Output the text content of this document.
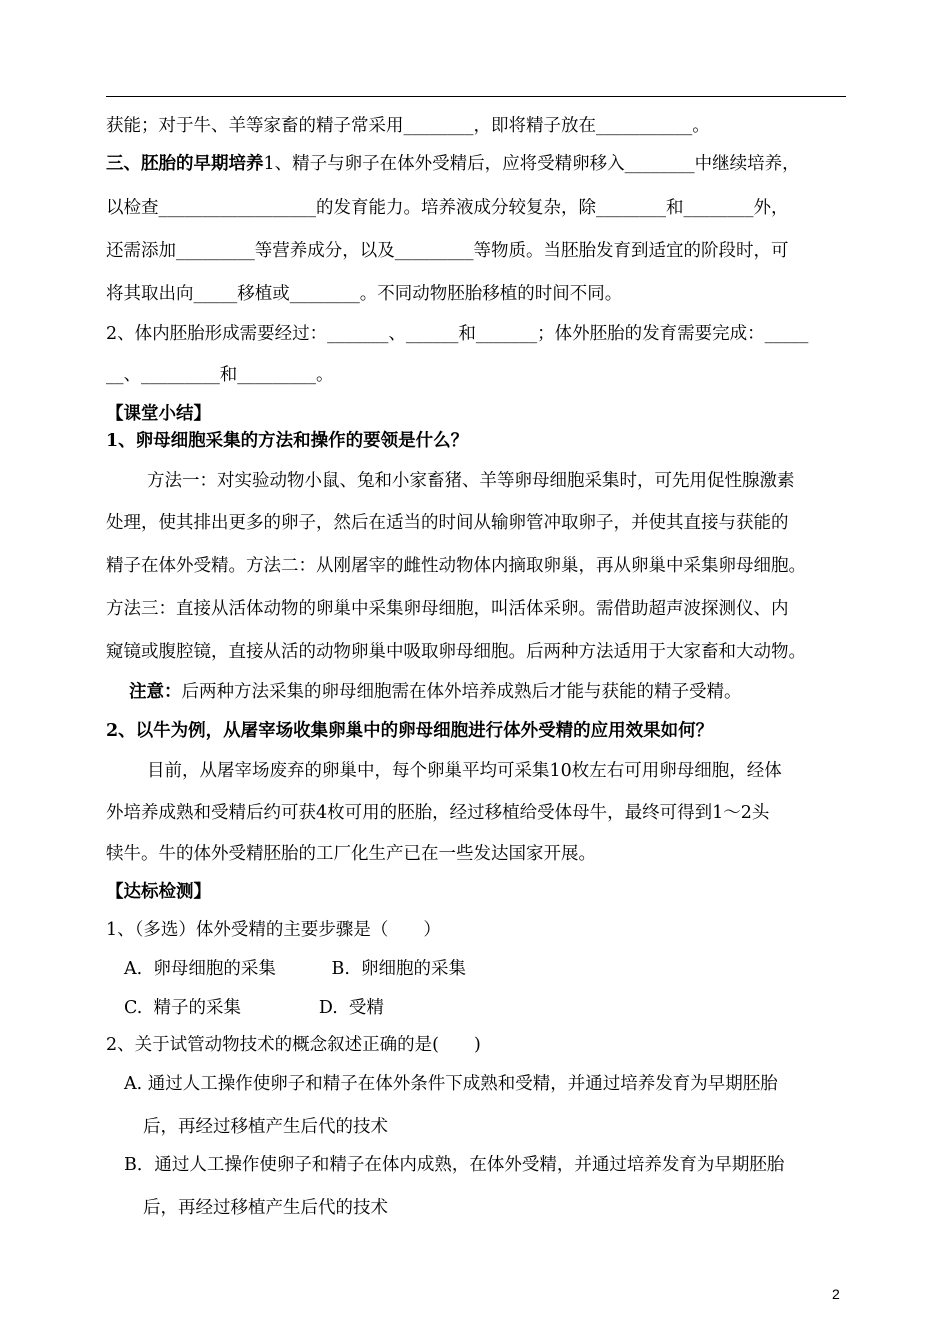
获能；对于牛、羊等家畜的精子常采用________，即将精子放在___________。
三、胚胎的早期培养1、精子与卵子在体外受精后，应将受精卵移入________中继续培养，
以检查__________________的发育能力。培养液成分较复杂，除________和________外，
还需添加_________等营养成分，以及_________等物质。当胚胎发育到适宜的阶段时，可
将其取出向_____移植或________。不同动物胚胎移植的时间不同。
2、体内胚胎形成需要经过：_______、______和_______；体外胚胎的发育需要完成：_____
__、_________和_________。
【课堂小结】
1、卵母细胞采集的方法和操作的要领是什么？
方法一：对实验动物小鼠、兔和小家畜猪、羊等卵母细胞采集时，可先用促性腺激素
处理，使其排出更多的卵子，然后在适当的时间从输卵管冲取卵子，并使其直接与获能的
精子在体外受精。方法二：从刚屠宰的雌性动物体内摘取卵巢，再从卵巢中采集卵母细胞。
方法三：直接从活体动物的卵巢中采集卵母细胞，叫活体采卵。需借助超声波探测仪、内
窥镜或腹腔镜，直接从活的动物卵巢中吸取卵母细胞。后两种方法适用于大家畜和大动物。
注意：后两种方法采集的卵母细胞需在体外培养成熟后才能与获能的精子受精。
2、以牛为例，从屠宰场收集卵巢中的卵母细胞进行体外受精的应用效果如何？
目前，从屠宰场废弃的卵巢中，每个卵巢平均可采集10枚左右可用卵母细胞，经体
外培养成熟和受精后约可获4枚可用的胚胎，经过移植给受体母牛，最终可得到1～2头
犊牛。牛的体外受精胚胎的工厂化生产已在一些发达国家开展。
【达标检测】
1、（多选）体外受精的主要步骤是（　　）
A.  卵母细胞的采集          B.  卵细胞的采集
C.  精子的采集              D.  受精
2、关于试管动物技术的概念叙述正确的是(　　)
A. 通过人工操作使卵子和精子在体外条件下成熟和受精，并通过培养发育为早期胚胎
后，再经过移植产生后代的技术
B．通过人工操作使卵子和精子在体内成熟，在体外受精，并通过培养发育为早期胚胎
后，再经过移植产生后代的技术
2
